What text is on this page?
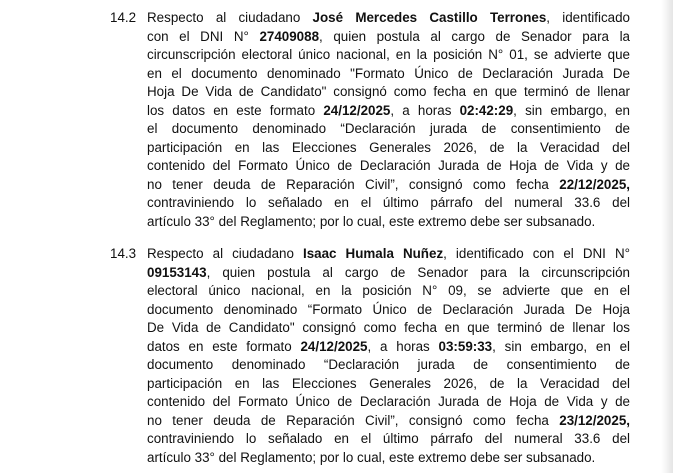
14.2 Respecto al ciudadano José Mercedes Castillo Terrones, identificado
con el DNI N° 27409088, quien postula al cargo de Senador para la
circunscripción electoral único nacional, en la posición N° 01, se advierte que
en el documento denominado "Formato Único de Declaración Jurada De
Hoja De Vida de Candidato" consignó como fecha en que terminó de llenar
los datos en este formato 24/12/2025, a horas 02:42:29, sin embargo, en
el documento denominado “Declaración jurada de consentimiento de
participación en las Elecciones Generales 2026, de la Veracidad del
contenido del Formato Único de Declaración Jurada de Hoja de Vida y de
no tener deuda de Reparación Civil”, consignó como fecha 22/12/2025,
contraviniendo lo señalado en el último párrafo del numeral 33.6 del
artículo 33° del Reglamento; por lo cual, este extremo debe ser subsanado.

14.3 Respecto al ciudadano Isaac Humala Nuñez, identificado con el DNI N°
09153143, quien postula al cargo de Senador para la circunscripción
electoral único nacional, en la posición N° 09, se advierte que en el
documento denominado “Formato Único de Declaración Jurada De Hoja
De Vida de Candidato" consignó como fecha en que terminó de llenar los
datos en este formato 24/12/2025, a horas 03:59:33, sin embargo, en el
documento denominado “Declaración jurada de consentimiento de
participación en las Elecciones Generales 2026, de la Veracidad del
contenido del Formato Único de Declaración Jurada de Hoja de Vida y de
no tener deuda de Reparación Civil”, consignó como fecha 23/12/2025,
contraviniendo lo señalado en el último párrafo del numeral 33.6 del
artículo 33° del Reglamento; por lo cual, este extremo debe ser subsanado.
